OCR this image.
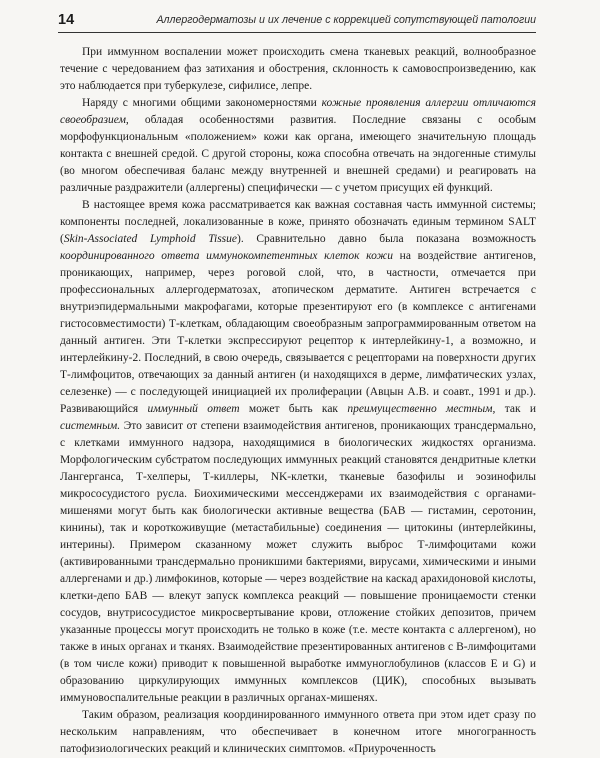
14	Аллергодерматозы и их лечение с коррекцией сопутствующей патологии

При иммунном воспалении может происходить смена тканевых реакций, волнообразное течение с чередованием фаз затихания и обострения, склонность к самовоспроизведению, как это наблюдается при туберкулезе, сифилисе, лепре.

Наряду с многими общими закономерностями кожные проявления аллергии отличаются своеобразием, обладая особенностями развития. Последние связаны с особым морфофункциональным «положением» кожи как органа, имеющего значительную площадь контакта с внешней средой. С другой стороны, кожа способна отвечать на эндогенные стимулы (во многом обеспечивая баланс между внутренней и внешней средами) и реагировать на различные раздражители (аллергены) специфически — с учетом присущих ей функций.

В настоящее время кожа рассматривается как важная составная часть иммунной системы; компоненты последней, локализованные в коже, принято обозначать единым термином SALT (Skin-Associated Lymphoid Tissue). Сравнительно давно была показана возможность координированного ответа иммунокомпетентных клеток кожи на воздействие антигенов, проникающих, например, через роговой слой, что, в частности, отмечается при профессиональных аллергодерматозах, атопическом дерматите. Антиген встречается с внутриэпидермальными макрофагами, которые презентируют его (в комплексе с антигенами гистосовместимости) Т-клеткам, обладающим своеобразным запрограммированным ответом на данный антиген. Эти Т-клетки экспрессируют рецептор к интерлейкину-1, а возможно, и интерлейкину-2. Последний, в свою очередь, связывается с рецепторами на поверхности других Т-лимфоцитов, отвечающих за данный антиген (и находящихся в дерме, лимфатических узлах, селезенке) — с последующей инициацией их пролиферации (Авцын А.В. и соавт., 1991 и др.). Развивающийся иммунный ответ может быть как преимущественно местным, так и системным. Это зависит от степени взаимодействия антигенов, проникающих трансдермально, с клетками иммунного надзора, находящимися в биологических жидкостях организма. Морфологическим субстратом последующих иммунных реакций становятся дендритные клетки Лангерганса, Т-хелперы, Т-киллеры, NK-клетки, тканевые базофилы и эозинофилы микрососудистого русла. Биохимическими мессенджерами их взаимодействия с органами-мишенями могут быть как биологически активные вещества (БАВ — гистамин, серотонин, кинины), так и короткоживущие (метастабильные) соединения — цитокины (интерлейкины, интерины). Примером сказанному может служить выброс Т-лимфоцитами кожи (активированными трансдермально проникшими бактериями, вирусами, химическими и иными аллергенами и др.) лимфокинов, которые — через воздействие на каскад арахидоновой кислоты, клетки-депо БАВ — влекут запуск комплекса реакций — повышение проницаемости стенки сосудов, внутрисосудистое микросвертывание крови, отложение стойких депозитов, причем указанные процессы могут происходить не только в коже (т.е. месте контакта с аллергеном), но также в иных органах и тканях. Взаимодействие презентированных антигенов с В-лимфоцитами (в том числе кожи) приводит к повышенной выработке иммуноглобулинов (классов E и G) и образованию циркулирующих иммунных комплексов (ЦИК), способных вызывать иммуновоспалительные реакции в различных органах-мишенях.

Таким образом, реализация координированного иммунного ответа при этом идет сразу по нескольким направлениям, что обеспечивает в конечном итоге многогранность патофизиологических реакций и клинических симптомов. «Приуроченность
